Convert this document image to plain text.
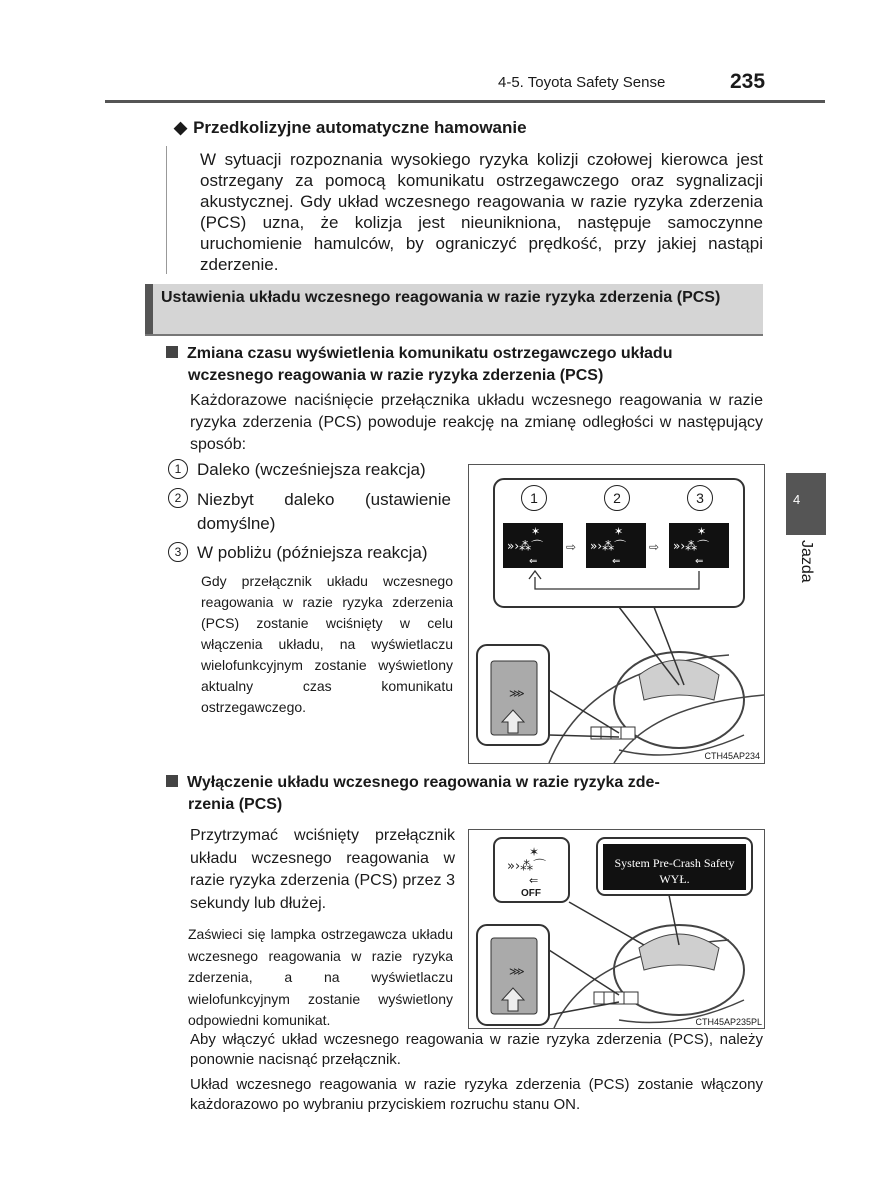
4-5. Toyota Safety Sense	235
◆ Przedkolizyjne automatyczne hamowanie
W sytuacji rozpoznania wysokiego ryzyka kolizji czołowej kierowca jest ostrzegany za pomocą komunikatu ostrzegawczego oraz sygnalizacji akustycznej. Gdy układ wczesnego reagowania w razie ryzyka zderzenia (PCS) uzna, że kolizja jest nieunikniona, następuje samoczynne uruchomienie hamulców, by ograniczyć prędkość, przy jakiej nastąpi zderzenie.
Ustawienia układu wczesnego reagowania w razie ryzyka zderzenia (PCS)
Zmiana czasu wyświetlenia komunikatu ostrzegawczego układu
wczesnego reagowania w razie ryzyka zderzenia (PCS)
Każdorazowe naciśnięcie przełącznika układu wczesnego reagowania w razie ryzyka zderzenia (PCS) powoduje reakcję na zmianę odległości w następujący sposób:
1 Daleko (wcześniejsza reakcja)
2 Niezbyt daleko (ustawienie domyślne)
3 W pobliżu (późniejsza reakcja)
Gdy przełącznik układu wczesnego reagowania w razie ryzyka zderzenia (PCS) zostanie wciśnięty w celu włączenia układu, na wyświetlaczu wielofunkcyjnym zostanie wyświetlony aktualny czas komunikatu ostrzegawczego.
⋙
»›⁂⌒	»›⁂⌒	»›⁂⌒
✶	✶	✶
⇐	⇐	⇐
⇨	⇨
1	2	3
CTH45AP234
4
Jazda
Wyłączenie układu wczesnego reagowania w razie ryzyka zde-
rzenia (PCS)
Przytrzymać wciśnięty przełącznik układu wczesnego reagowania w razie ryzyka zderzenia (PCS) przez 3 sekundy lub dłużej.
Zaświeci się lampka ostrzegawcza układu wczesnego reagowania w razie ryzyka zderzenia, a na wyświetlaczu wielofunkcyjnym zostanie wyświetlony odpowiedni komunikat.
»›⁂⌒
✶
⇐
⋙
OFF
System Pre-Crash Safety
WYŁ.
CTH45AP235PL
Aby włączyć układ wczesnego reagowania w razie ryzyka zderzenia (PCS), należy ponownie nacisnąć przełącznik.
Układ wczesnego reagowania w razie ryzyka zderzenia (PCS) zostanie włączony każdorazowo po wybraniu przyciskiem rozruchu stanu ON.
